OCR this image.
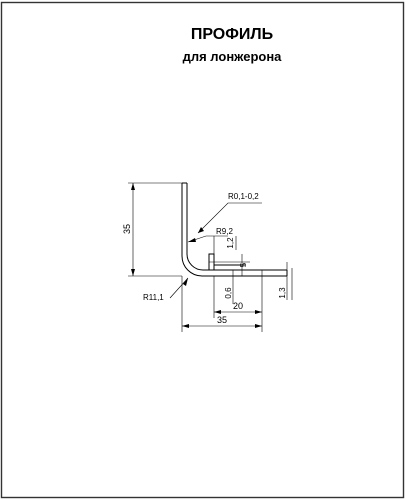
ПРОФИЛЬ
для лонжерона
35
35
20
5
1,2
1,3
0,6
R0,1-0,2
R9,2
R11,1
